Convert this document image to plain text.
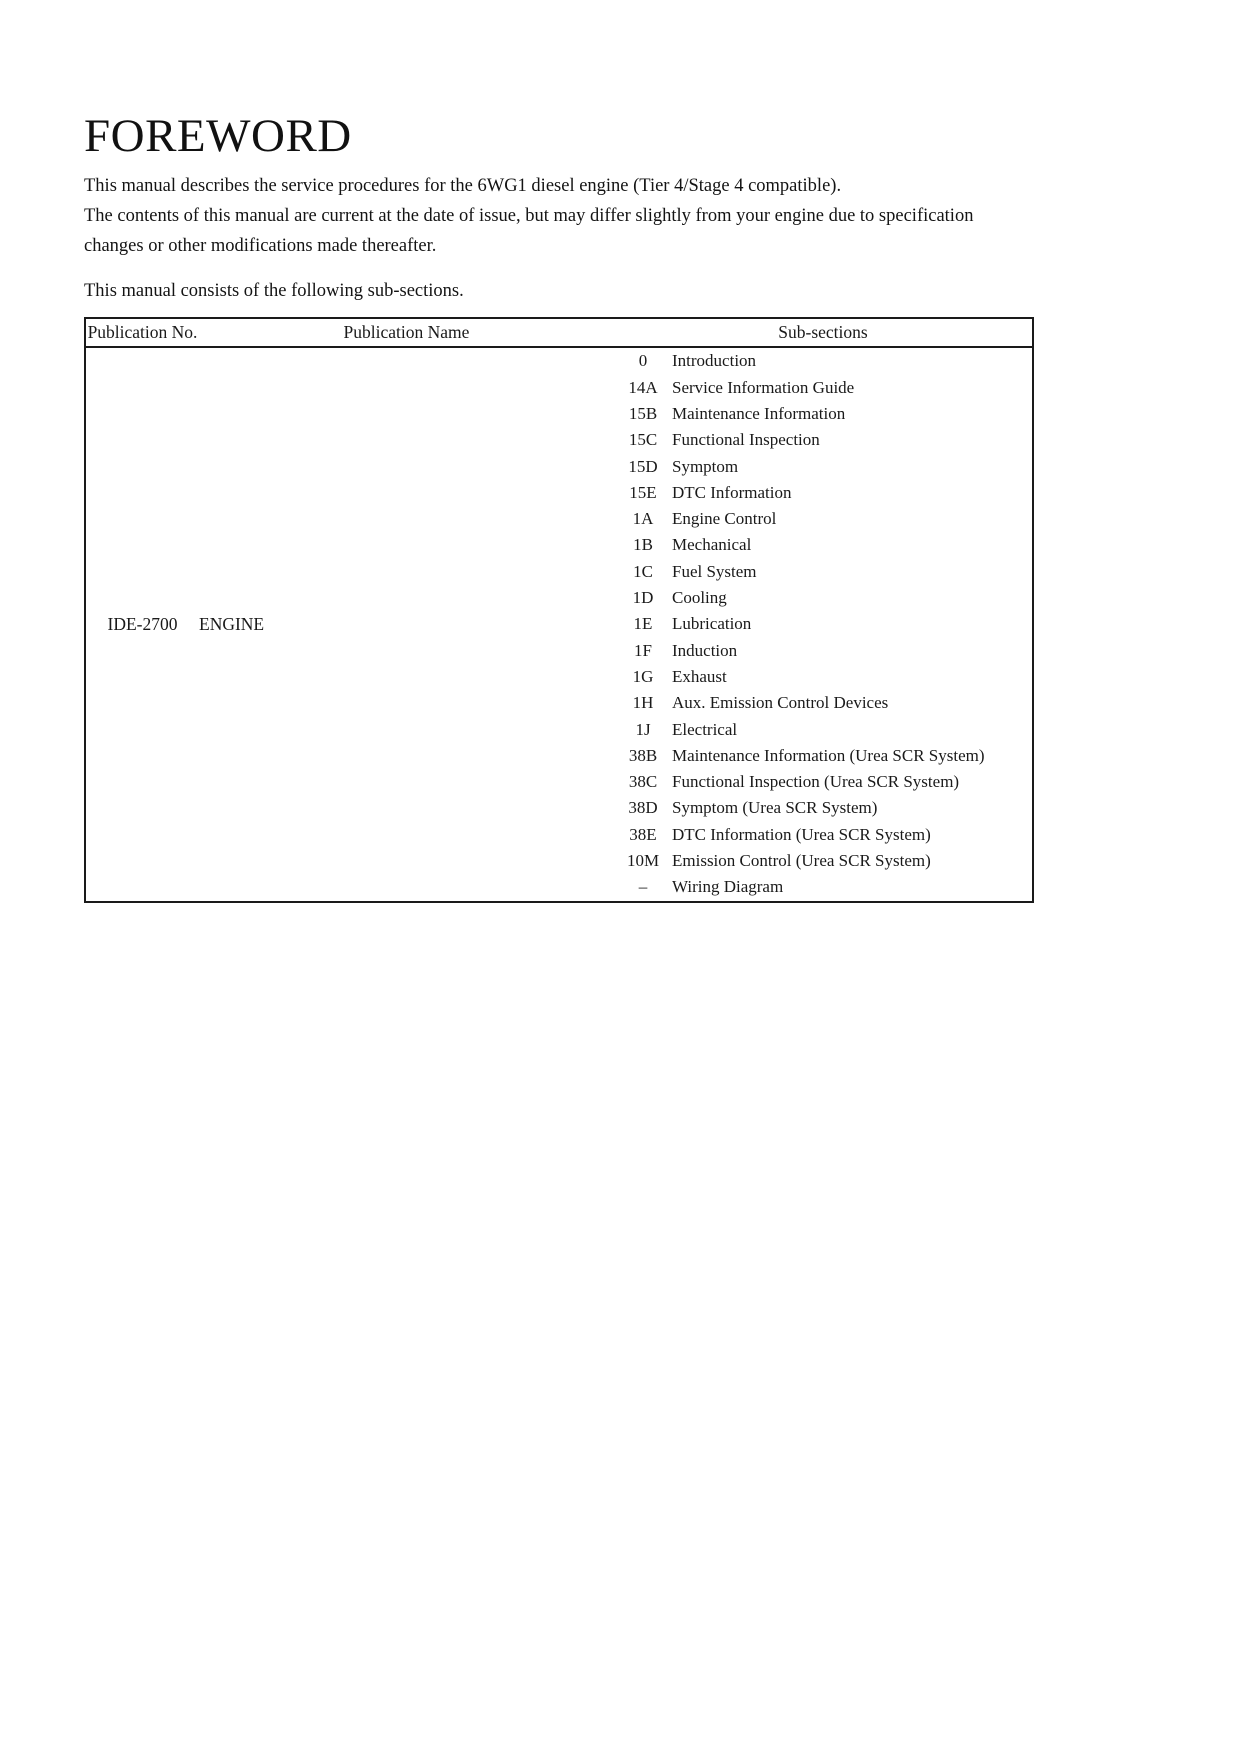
FOREWORD

This manual describes the service procedures for the 6WG1 diesel engine (Tier 4/Stage 4 compatible).

The contents of this manual are current at the date of issue, but may differ slightly from your engine due to specification changes or other modifications made thereafter.

This manual consists of the following sub-sections.

Publication No.	Publication Name	Sub-sections	
IDE-2700	ENGINE	0	Introduction
		14A	Service Information Guide
		15B	Maintenance Information
		15C	Functional Inspection
		15D	Symptom
		15E	DTC Information
		1A	Engine Control
		1B	Mechanical
		1C	Fuel System
		1D	Cooling
		1E	Lubrication
		1F	Induction
		1G	Exhaust
		1H	Aux. Emission Control Devices
		1J	Electrical
		38B	Maintenance Information (Urea SCR System)
		38C	Functional Inspection (Urea SCR System)
		38D	Symptom (Urea SCR System)
		38E	DTC Information (Urea SCR System)
		10M	Emission Control (Urea SCR System)
		–	Wiring Diagram
